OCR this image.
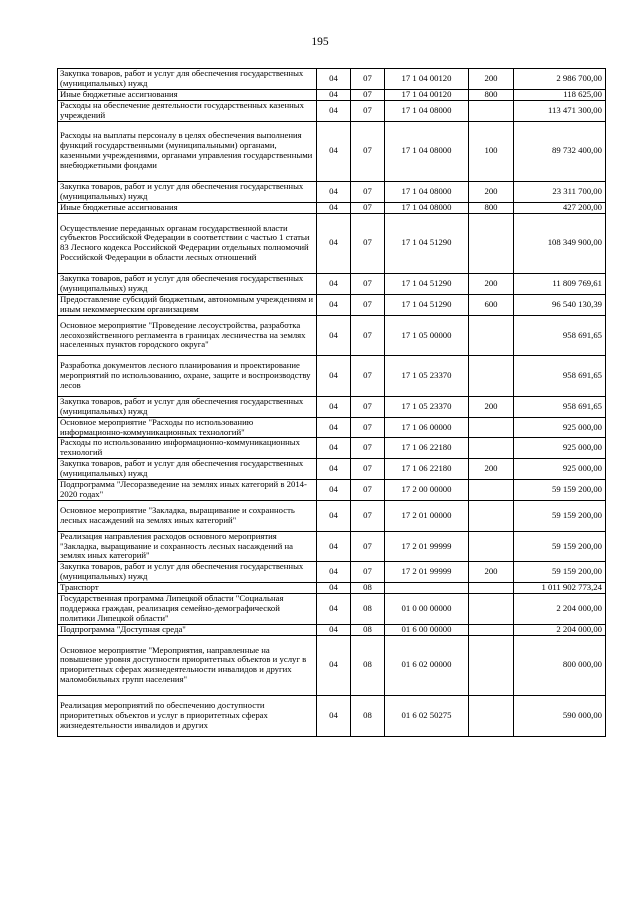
195
Закупка товаров, работ и услуг для обеспечения государственных (муниципальных) нужд	04	07	17 1 04 00120	200	2 986 700,00
Иные бюджетные ассигнования	04	07	17 1 04 00120	800	118 625,00
Расходы на обеспечение деятельности государственных казенных учреждений	04	07	17 1 04 08000		113 471 300,00
Расходы на выплаты персоналу в целях обеспечения выполнения функций государственными (муниципальными) органами, казенными учреждениями, органами управления государственными внебюджетными фондами	04	07	17 1 04 08000	100	89 732 400,00
Закупка товаров, работ и услуг для обеспечения государственных (муниципальных) нужд	04	07	17 1 04 08000	200	23 311 700,00
Иные бюджетные ассигнования	04	07	17 1 04 08000	800	427 200,00
Осуществление переданных органам государственной власти субъектов Российской Федерации в соответствии с частью 1 статьи 83 Лесного кодекса Российской Федерации отдельных полномочий Российской Федерации в области лесных отношений	04	07	17 1 04 51290		108 349 900,00
Закупка товаров, работ и услуг для обеспечения государственных (муниципальных) нужд	04	07	17 1 04 51290	200	11 809 769,61
Предоставление субсидий бюджетным, автономным учреждениям и иным некоммерческим организациям	04	07	17 1 04 51290	600	96 540 130,39
Основное мероприятие "Проведение лесоустройства, разработка лесохозяйственного регламента в границах лесничества на землях населенных пунктов городского округа"	04	07	17 1 05 00000		958 691,65
Разработка документов лесного планирования и проектирование мероприятий по использованию, охране, защите и воспроизводству лесов	04	07	17 1 05 23370		958 691,65
Закупка товаров, работ и услуг для обеспечения государственных (муниципальных) нужд	04	07	17 1 05 23370	200	958 691,65
Основное мероприятие "Расходы по использованию информационно-коммуникационных технологий"	04	07	17 1 06 00000		925 000,00
Расходы по использованию информационно-коммуникационных технологий	04	07	17 1 06 22180		925 000,00
Закупка товаров, работ и услуг для обеспечения государственных (муниципальных) нужд	04	07	17 1 06 22180	200	925 000,00
Подпрограмма "Лесоразведение на землях иных категорий в 2014-2020 годах"	04	07	17 2 00 00000		59 159 200,00
Основное мероприятие "Закладка, выращивание и сохранность лесных насаждений на землях иных категорий"	04	07	17 2 01 00000		59 159 200,00
Реализация направления расходов основного мероприятия "Закладка, выращивание и сохранность лесных насаждений на землях иных категорий"	04	07	17 2 01 99999		59 159 200,00
Закупка товаров, работ и услуг для обеспечения государственных (муниципальных) нужд	04	07	17 2 01 99999	200	59 159 200,00
Транспорт	04	08			1 011 902 773,24
Государственная программа Липецкой области "Социальная поддержка граждан, реализация семейно-демографической политики Липецкой области"	04	08	01 0 00 00000		2 204 000,00
Подпрограмма "Доступная среда"	04	08	01 6 00 00000		2 204 000,00
Основное мероприятие "Мероприятия, направленные на повышение уровня доступности приоритетных объектов и услуг в приоритетных сферах жизнедеятельности инвалидов и других маломобильных групп населения"	04	08	01 6 02 00000		800 000,00
Реализация мероприятий по обеспечению доступности приоритетных объектов и услуг в приоритетных сферах жизнедеятельности инвалидов и других	04	08	01 6 02 50275		590 000,00
